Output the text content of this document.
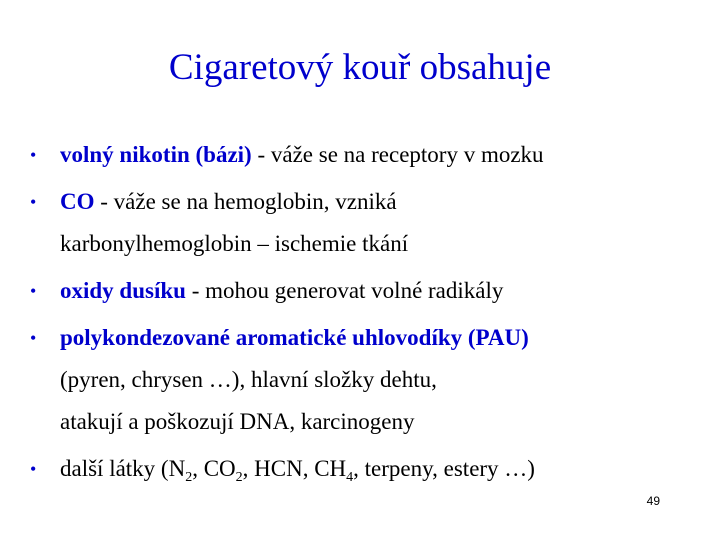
Cigaretový kouř obsahuje
• volný nikotin (bázi) - váže se na receptory v mozku
• CO - váže se na hemoglobin, vzniká
karbonylhemoglobin – ischemie tkání
• oxidy dusíku - mohou generovat volné radikály
• polykondezované aromatické uhlovodíky (PAU)
(pyren, chrysen …), hlavní složky dehtu,
atakují a poškozují DNA, karcinogeny
• další látky ($N_2$, $CO_2$, HCN, $CH_4$, terpeny, estery …)
49
